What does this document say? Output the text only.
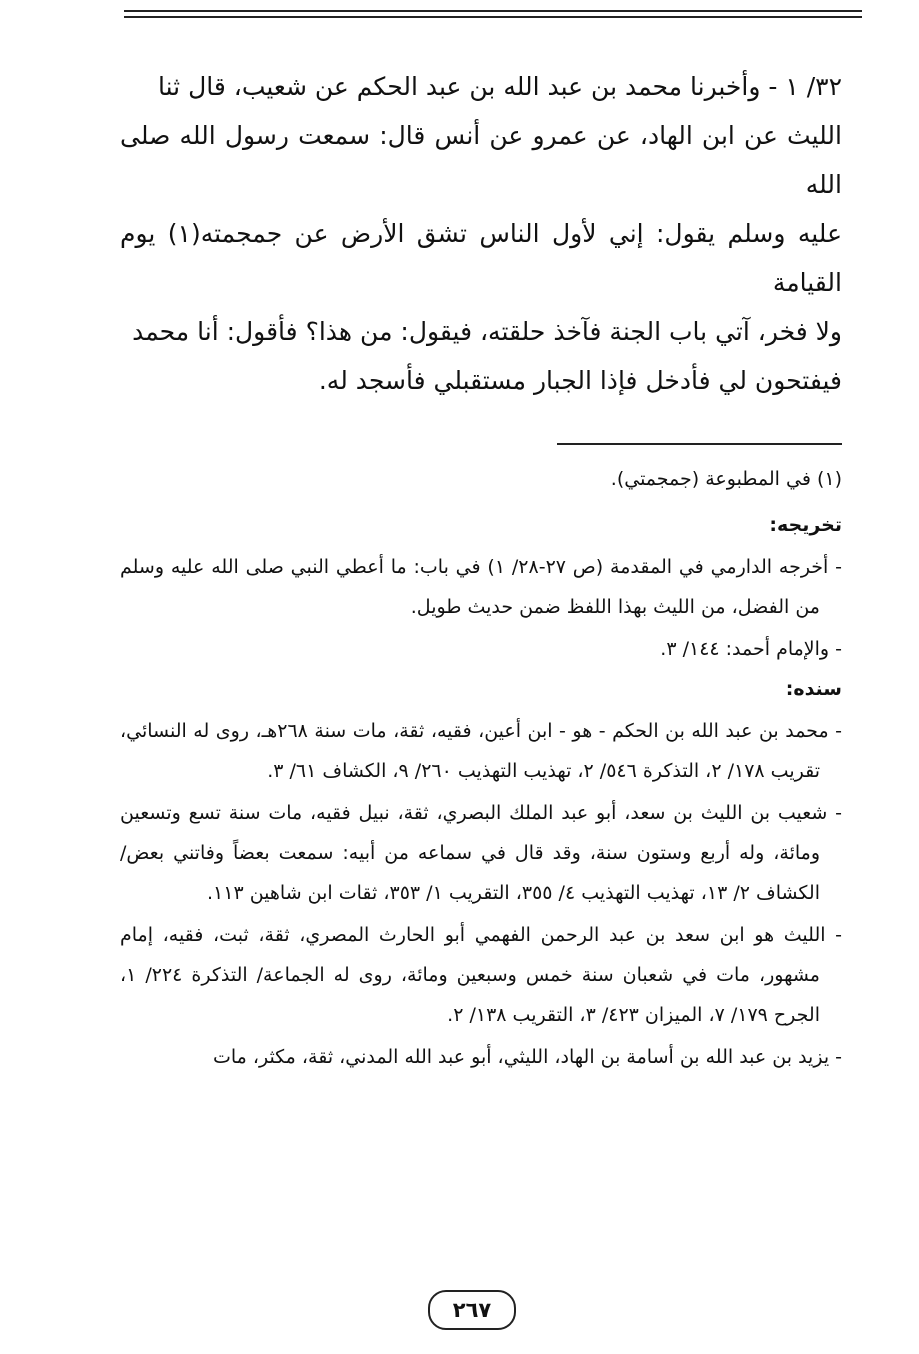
٣٢/ ١ - وأخبرنا محمد بن عبد الله بن عبد الحكم عن شعيب، قال ثنا

الليث عن ابن الهاد، عن عمرو عن أنس قال: سمعت رسول الله صلى الله

عليه وسلم يقول: إني لأول الناس تشق الأرض عن جمجمته(١) يوم القيامة

ولا فخر، آتي باب الجنة فآخذ حلقته، فيقول: من هذا؟ فأقول: أنا محمد

فيفتحون لي فأدخل فإذا الجبار مستقبلي فأسجد له.

(١) في المطبوعة (جمجمتي).

تخريجه:

- أخرجه الدارمي في المقدمة (ص ٢٧-٢٨/ ١) في باب: ما أعطي النبي صلى الله عليه وسلم من الفضل، من الليث بهذا اللفظ ضمن حديث طويل.

- والإمام أحمد: ١٤٤/ ٣.

سنده:

- محمد بن عبد الله بن الحكم - هو - ابن أعين، فقيه، ثقة، مات سنة ٢٦٨هـ، روى له النسائي، تقريب ١٧٨/ ٢، التذكرة ٥٤٦/ ٢، تهذيب التهذيب ٢٦٠/ ٩، الكشاف ٦١/ ٣.

- شعيب بن الليث بن سعد، أبو عبد الملك البصري، ثقة، نبيل فقيه، مات سنة تسع وتسعين ومائة، وله أربع وستون سنة، وقد قال في سماعه من أبيه: سمعت بعضاً وفاتني بعض/ الكشاف ٢/ ١٣، تهذيب التهذيب ٤/ ٣٥٥، التقريب ١/ ٣٥٣، ثقات ابن شاهين ١١٣.

- الليث هو ابن سعد بن عبد الرحمن الفهمي أبو الحارث المصري، ثقة، ثبت، فقيه، إمام مشهور، مات في شعبان سنة خمس وسبعين ومائة، روى له الجماعة/ التذكرة ٢٢٤/ ١، الجرح ١٧٩/ ٧، الميزان ٤٢٣/ ٣، التقريب ١٣٨/ ٢.

- يزيد بن عبد الله بن أسامة بن الهاد، الليثي، أبو عبد الله المدني، ثقة، مكثر، مات

٢٦٧
